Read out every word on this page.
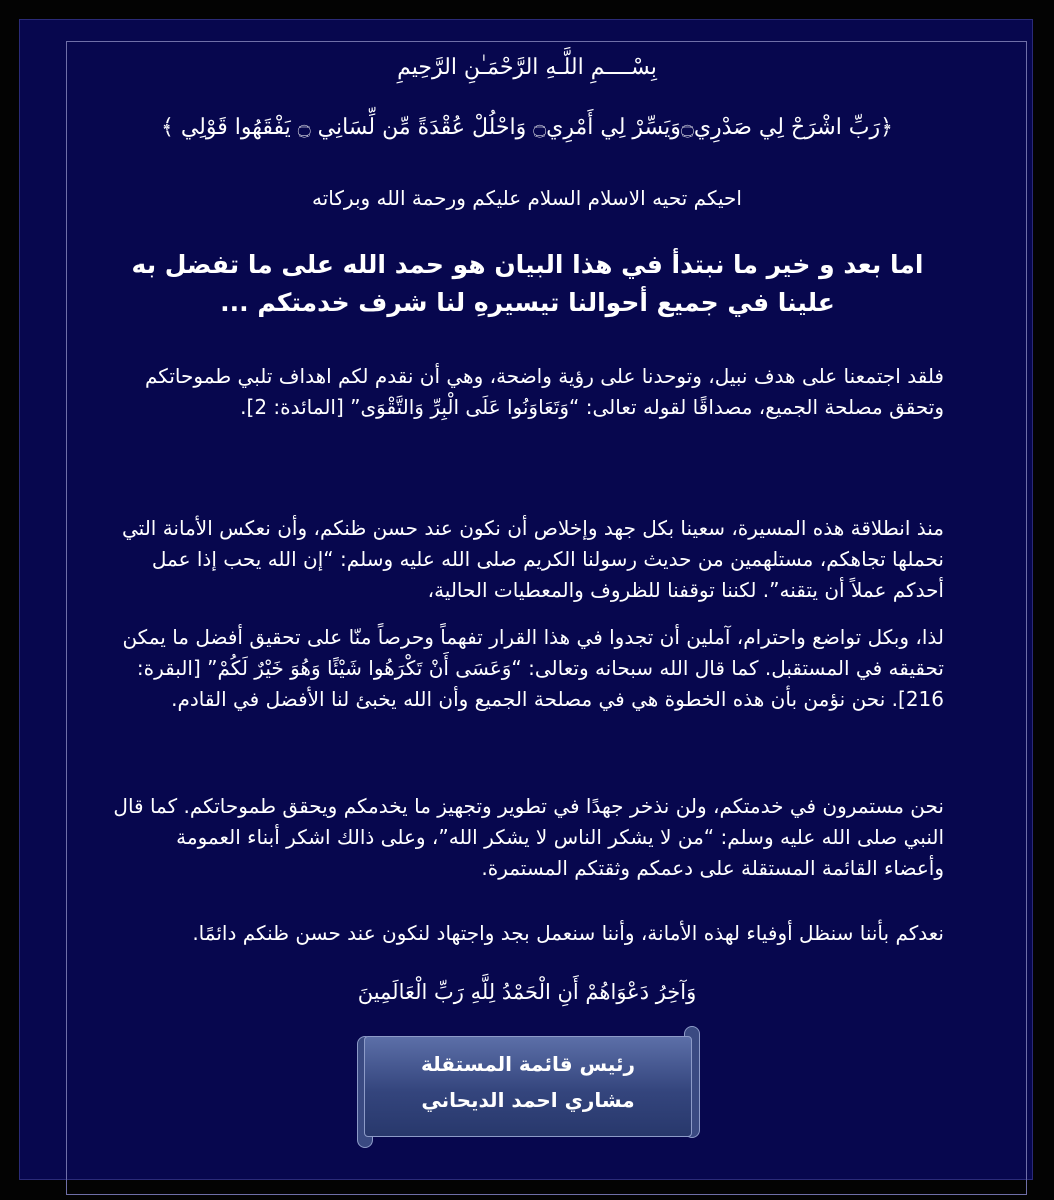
بِسْــــمِ اللَّـهِ الرَّحْمَـٰنِ الرَّحِيمِ

﴿رَبِّ اشْرَحْ لِي صَدْرِي۝وَيَسِّرْ لِي أَمْرِي۝ وَاحْلُلْ عُقْدَةً مِّن لِّسَانِي ۝ يَفْقَهُوا قَوْلِي ﴾

احيكم تحيه الاسلام السلام عليكم ورحمة الله وبركاته

اما بعد و خير ما نبتدأ في هذا البيان هو حمد الله على ما تفضل به علينا في جميع أحوالنا تيسيرهِ لنا شرف خدمتكم ...

فلقد اجتمعنا على هدف نبيل، وتوحدنا على رؤية واضحة، وهي أن نقدم لكم اهداف تلبي طموحاتكم وتحقق مصلحة الجميع، مصداقًا لقوله تعالى: “وَتَعَاوَنُوا عَلَى الْبِرِّ وَالتَّقْوَى” [المائدة: 2].

منذ انطلاقة هذه المسيرة، سعينا بكل جهد وإخلاص أن نكون عند حسن ظنكم، وأن نعكس الأمانة التي نحملها تجاهكم، مستلهمين من حديث رسولنا الكريم صلى الله عليه وسلم: “إن الله يحب إذا عمل أحدكم عملاً أن يتقنه”. لكننا توقفنا للظروف والمعطيات الحالية،

لذا، وبكل تواضع واحترام، آملين أن تجدوا في هذا القرار تفهماً وحرصاً منّا على تحقيق أفضل ما يمكن تحقيقه في المستقبل. كما قال الله سبحانه وتعالى: “وَعَسَى أَنْ تَكْرَهُوا شَيْئًا وَهُوَ خَيْرٌ لَكُمْ” [البقرة: 216]. نحن نؤمن بأن هذه الخطوة هي في مصلحة الجميع وأن الله يخبئ لنا الأفضل في القادم.

نحن مستمرون في خدمتكم، ولن نذخر جهدًا في تطوير وتجهيز ما يخدمكم ويحقق طموحاتكم. كما قال النبي صلى الله عليه وسلم: “من لا يشكر الناس لا يشكر الله”، وعلى ذالك اشكر أبناء العمومة وأعضاء القائمة المستقلة على دعمكم وثقتكم المستمرة.

نعدكم بأننا سنظل أوفياء لهذه الأمانة، وأننا سنعمل بجد واجتهاد لنكون عند حسن ظنكم دائمًا.

وَآخِرُ دَعْوَاهُمْ أَنِ الْحَمْدُ لِلَّهِ رَبِّ الْعَالَمِينَ

رئيس قائمة المستقلة

مشاري احمد الديحاني
